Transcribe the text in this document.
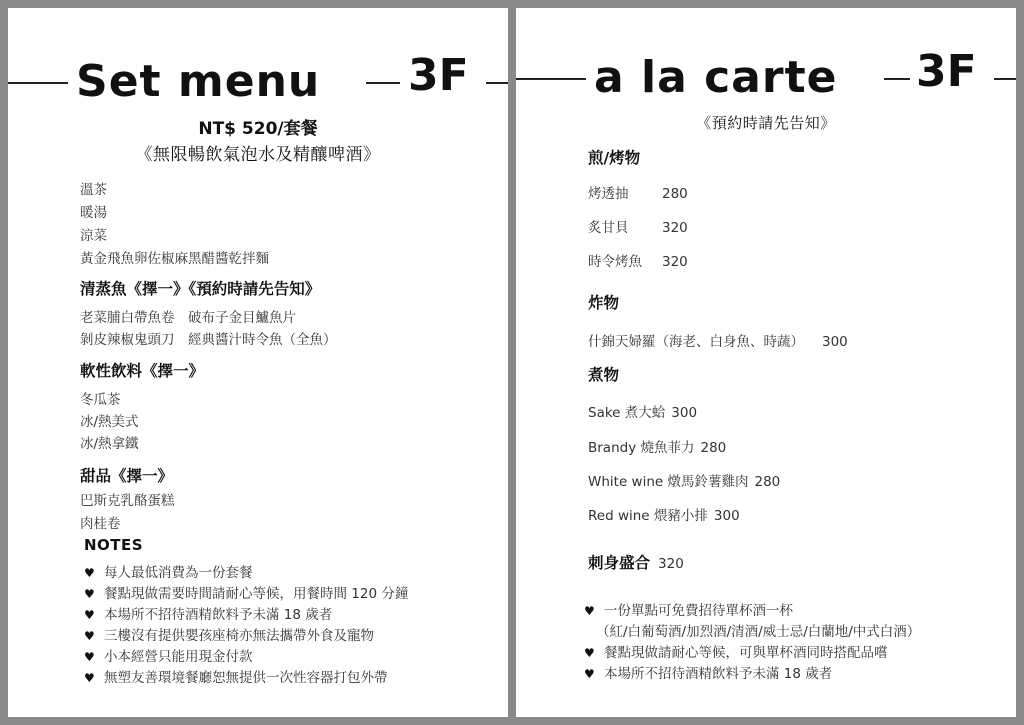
Set menu 3F
NT$ 520/套餐
《無限暢飲氣泡水及精釀啤酒》
溫茶
暖湯
涼菜
黃金飛魚卵佐椒麻黑醋醬乾拌麵
清蒸魚《擇一》《預約時請先告知》
老菜脯白帶魚卷　破布子金目鱸魚片
剝皮辣椒鬼頭刀　經典醬汁時令魚（全魚）
軟性飲料《擇一》
冬瓜茶
冰/熱美式
冰/熱拿鐵
甜品《擇一》
巴斯克乳酪蛋糕
肉桂卷
NOTES
♥ 每人最低消費為一份套餐
♥ 餐點現做需要時間請耐心等候，用餐時間 120 分鐘
♥ 本場所不招待酒精飲料予未滿 18 歲者
♥ 三樓沒有提供嬰孩座椅亦無法攜帶外食及寵物
♥ 小本經營只能用現金付款
♥ 無塑友善環境餐廳恕無提供一次性容器打包外帶
a la carte 3F
《預約時請先告知》
煎/烤物
烤透抽 280
炙甘貝 320
時令烤魚 320
炸物
什錦天婦羅（海老、白身魚、時蔬） 300
煮物
Sake 煮大蛤 300
Brandy 燒魚菲力 280
White wine 燉馬鈴薯雞肉 280
Red wine 煨豬小排 300
刺身盛合 320
♥ 一份單點可免費招待單杯酒一杯
（紅/白葡萄酒/加烈酒/清酒/威士忌/白蘭地/中式白酒）
♥ 餐點現做請耐心等候，可與單杯酒同時搭配品嚐
♥ 本場所不招待酒精飲料予未滿 18 歲者
